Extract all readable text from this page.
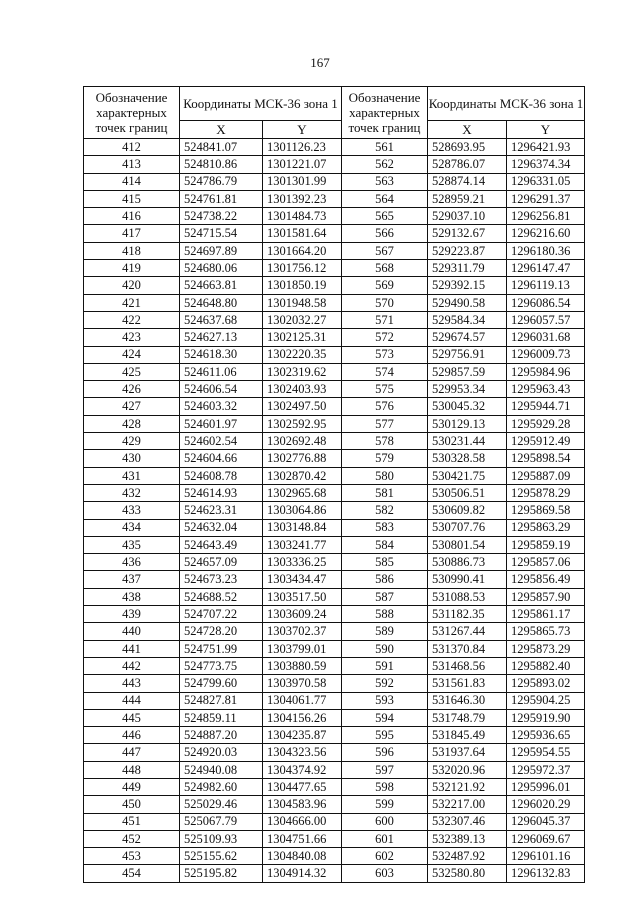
167
Обозначение характерных точек границ	Координаты МСК-36 зона 1		Обозначение характерных точек границ	Координаты МСК-36 зона 1	
	X	Y		X	Y
412	524841.07	1301126.23	561	528693.95	1296421.93
413	524810.86	1301221.07	562	528786.07	1296374.34
414	524786.79	1301301.99	563	528874.14	1296331.05
415	524761.81	1301392.23	564	528959.21	1296291.37
416	524738.22	1301484.73	565	529037.10	1296256.81
417	524715.54	1301581.64	566	529132.67	1296216.60
418	524697.89	1301664.20	567	529223.87	1296180.36
419	524680.06	1301756.12	568	529311.79	1296147.47
420	524663.81	1301850.19	569	529392.15	1296119.13
421	524648.80	1301948.58	570	529490.58	1296086.54
422	524637.68	1302032.27	571	529584.34	1296057.57
423	524627.13	1302125.31	572	529674.57	1296031.68
424	524618.30	1302220.35	573	529756.91	1296009.73
425	524611.06	1302319.62	574	529857.59	1295984.96
426	524606.54	1302403.93	575	529953.34	1295963.43
427	524603.32	1302497.50	576	530045.32	1295944.71
428	524601.97	1302592.95	577	530129.13	1295929.28
429	524602.54	1302692.48	578	530231.44	1295912.49
430	524604.66	1302776.88	579	530328.58	1295898.54
431	524608.78	1302870.42	580	530421.75	1295887.09
432	524614.93	1302965.68	581	530506.51	1295878.29
433	524623.31	1303064.86	582	530609.82	1295869.58
434	524632.04	1303148.84	583	530707.76	1295863.29
435	524643.49	1303241.77	584	530801.54	1295859.19
436	524657.09	1303336.25	585	530886.73	1295857.06
437	524673.23	1303434.47	586	530990.41	1295856.49
438	524688.52	1303517.50	587	531088.53	1295857.90
439	524707.22	1303609.24	588	531182.35	1295861.17
440	524728.20	1303702.37	589	531267.44	1295865.73
441	524751.99	1303799.01	590	531370.84	1295873.29
442	524773.75	1303880.59	591	531468.56	1295882.40
443	524799.60	1303970.58	592	531561.83	1295893.02
444	524827.81	1304061.77	593	531646.30	1295904.25
445	524859.11	1304156.26	594	531748.79	1295919.90
446	524887.20	1304235.87	595	531845.49	1295936.65
447	524920.03	1304323.56	596	531937.64	1295954.55
448	524940.08	1304374.92	597	532020.96	1295972.37
449	524982.60	1304477.65	598	532121.92	1295996.01
450	525029.46	1304583.96	599	532217.00	1296020.29
451	525067.79	1304666.00	600	532307.46	1296045.37
452	525109.93	1304751.66	601	532389.13	1296069.67
453	525155.62	1304840.08	602	532487.92	1296101.16
454	525195.82	1304914.32	603	532580.80	1296132.83
